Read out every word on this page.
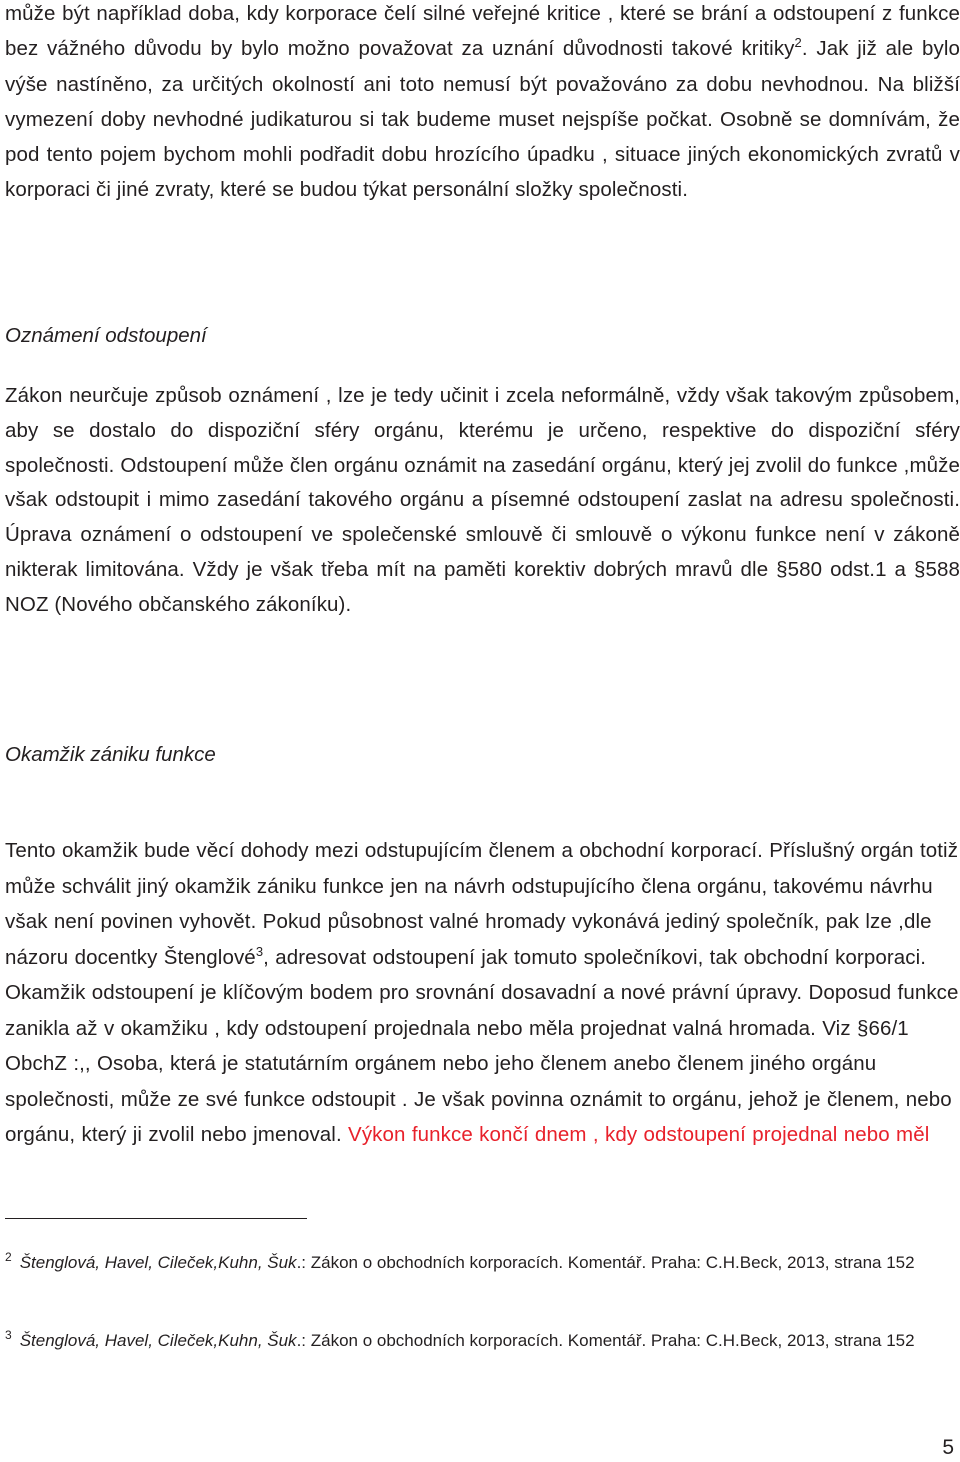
může být například doba, kdy korporace čelí silné veřejné kritice , které se brání a odstoupení z funkce bez vážného důvodu by bylo možno považovat za uznání důvodnosti takové kritiky$^2$. Jak již ale bylo výše nastíněno, za určitých okolností ani toto nemusí být považováno za dobu nevhodnou. Na bližší vymezení doby nevhodné judikaturou si tak budeme muset nejspíše počkat. Osobně se domnívám, že pod tento pojem bychom mohli podřadit dobu hrozícího úpadku , situace jiných ekonomických zvratů v korporaci či jiné zvraty, které se budou týkat personální složky společnosti.

Oznámení odstoupení

Zákon neurčuje způsob oznámení , lze je tedy učinit i zcela neformálně, vždy však takovým způsobem, aby se dostalo do dispoziční sféry orgánu, kterému je určeno, respektive do dispoziční sféry společnosti. Odstoupení může člen orgánu oznámit na zasedání orgánu, který jej zvolil do funkce ,může však odstoupit i mimo zasedání takového orgánu a písemné odstoupení zaslat na adresu společnosti. Úprava oznámení o odstoupení ve společenské smlouvě či smlouvě o výkonu funkce není v zákoně nikterak limitována. Vždy je však třeba mít na paměti korektiv dobrých mravů dle §580 odst.1 a §588 NOZ (Nového občanského zákoníku).

Okamžik zániku funkce

Tento okamžik bude věcí dohody mezi odstupujícím členem a obchodní korporací. Příslušný orgán totiž může schválit jiný okamžik zániku funkce jen na návrh odstupujícího člena orgánu, takovému návrhu však není povinen vyhovět. Pokud působnost valné hromady vykonává jediný společník, pak lze ,dle názoru docentky Štenglové$^3$, adresovat odstoupení jak tomuto společníkovi, tak obchodní korporaci. Okamžik odstoupení je klíčovým bodem pro srovnání dosavadní a nové právní úpravy. Doposud funkce zanikla až v okamžiku , kdy odstoupení projednala nebo měla projednat valná hromada. Viz §66/1 ObchZ :,, Osoba, která je statutárním orgánem nebo jeho členem anebo členem jiného orgánu společnosti, může ze své funkce odstoupit . Je však povinna oznámit to orgánu, jehož je členem, nebo orgánu, který ji zvolil nebo jmenoval. Výkon funkce končí dnem , kdy odstoupení projednal nebo měl

$^2$ Štenglová, Havel, Cileček,Kuhn, Šuk.: Zákon o obchodních korporacích. Komentář. Praha: C.H.Beck, 2013, strana 152

$^3$ Štenglová, Havel, Cileček,Kuhn, Šuk.: Zákon o obchodních korporacích. Komentář. Praha: C.H.Beck, 2013, strana 152

5
